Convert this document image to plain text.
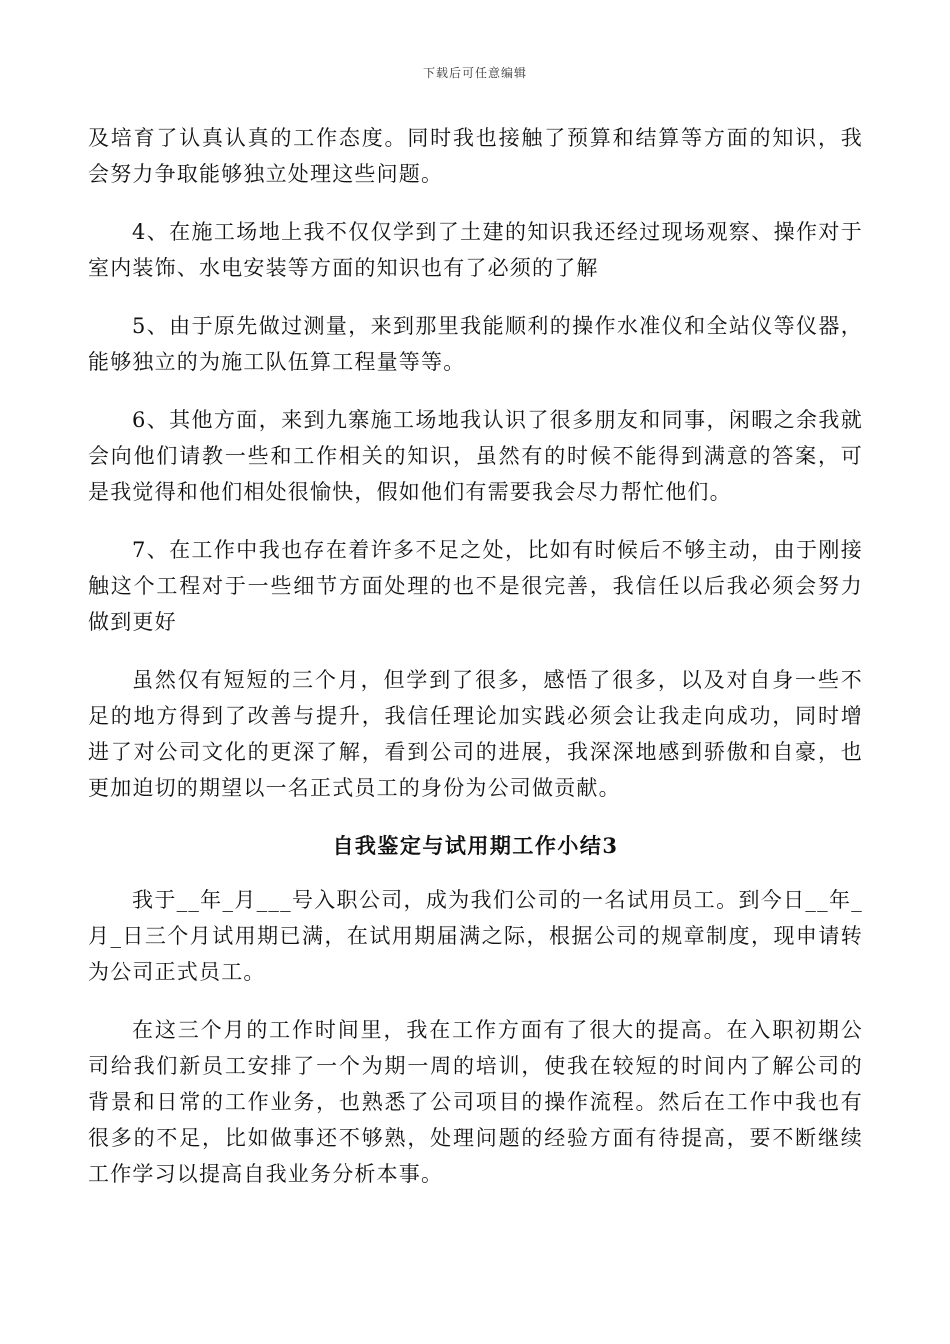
下载后可任意编辑

及培育了认真认真的工作态度。同时我也接触了预算和结算等方面的知识，我会努力争取能够独立处理这些问题。

4、在施工场地上我不仅仅学到了土建的知识我还经过现场观察、操作对于室内装饰、水电安装等方面的知识也有了必须的了解

5、由于原先做过测量，来到那里我能顺利的操作水准仪和全站仪等仪器，能够独立的为施工队伍算工程量等等。

6、其他方面，来到九寨施工场地我认识了很多朋友和同事，闲暇之余我就会向他们请教一些和工作相关的知识，虽然有的时候不能得到满意的答案，可是我觉得和他们相处很愉快，假如他们有需要我会尽力帮忙他们。

7、在工作中我也存在着许多不足之处，比如有时候后不够主动，由于刚接触这个工程对于一些细节方面处理的也不是很完善，我信任以后我必须会努力做到更好

虽然仅有短短的三个月，但学到了很多，感悟了很多，以及对自身一些不足的地方得到了改善与提升，我信任理论加实践必须会让我走向成功，同时增进了对公司文化的更深了解，看到公司的进展，我深深地感到骄傲和自豪，也更加迫切的期望以一名正式员工的身份为公司做贡献。

自我鉴定与试用期工作小结3

我于__年_月___号入职公司，成为我们公司的一名试用员工。到今日__年_月_日三个月试用期已满，在试用期届满之际，根据公司的规章制度，现申请转为公司正式员工。

在这三个月的工作时间里，我在工作方面有了很大的提高。在入职初期公司给我们新员工安排了一个为期一周的培训，使我在较短的时间内了解公司的背景和日常的工作业务，也熟悉了公司项目的操作流程。然后在工作中我也有很多的不足，比如做事还不够熟，处理问题的经验方面有待提高，要不断继续工作学习以提高自我业务分析本事。
